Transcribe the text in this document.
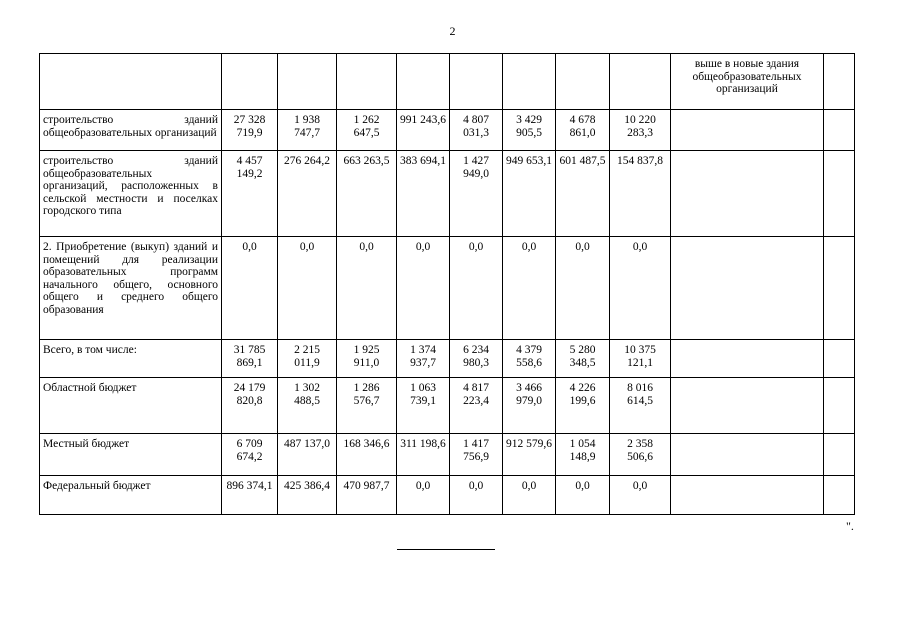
2
									выше в новые здания общеобразовательных организаций	
строительство зданий общеобразовательных организаций	27 328 719,9	1 938 747,7	1 262 647,5	991 243,6	4 807 031,3	3 429 905,5	4 678 861,0	10 220 283,3		
строительство зданий общеобразовательных организаций, расположенных в сельской местности и поселках городского типа	4 457 149,2	276 264,2	663 263,5	383 694,1	1 427 949,0	949 653,1	601 487,5	154 837,8		
2. Приобретение (выкуп) зданий и помещений для реализации образовательных программ начального общего, основного общего и среднего общего образования	0,0	0,0	0,0	0,0	0,0	0,0	0,0	0,0		
Всего, в том числе:	31 785 869,1	2 215 011,9	1 925 911,0	1 374 937,7	6 234 980,3	4 379 558,6	5 280 348,5	10 375 121,1		
Областной бюджет	24 179 820,8	1 302 488,5	1 286 576,7	1 063 739,1	4 817 223,4	3 466 979,0	4 226 199,6	8 016 614,5		
Местный бюджет	6 709 674,2	487 137,0	168 346,6	311 198,6	1 417 756,9	912 579,6	1 054 148,9	2 358 506,6		
Федеральный бюджет	896 374,1	425 386,4	470 987,7	0,0	0,0	0,0	0,0	0,0		
".
